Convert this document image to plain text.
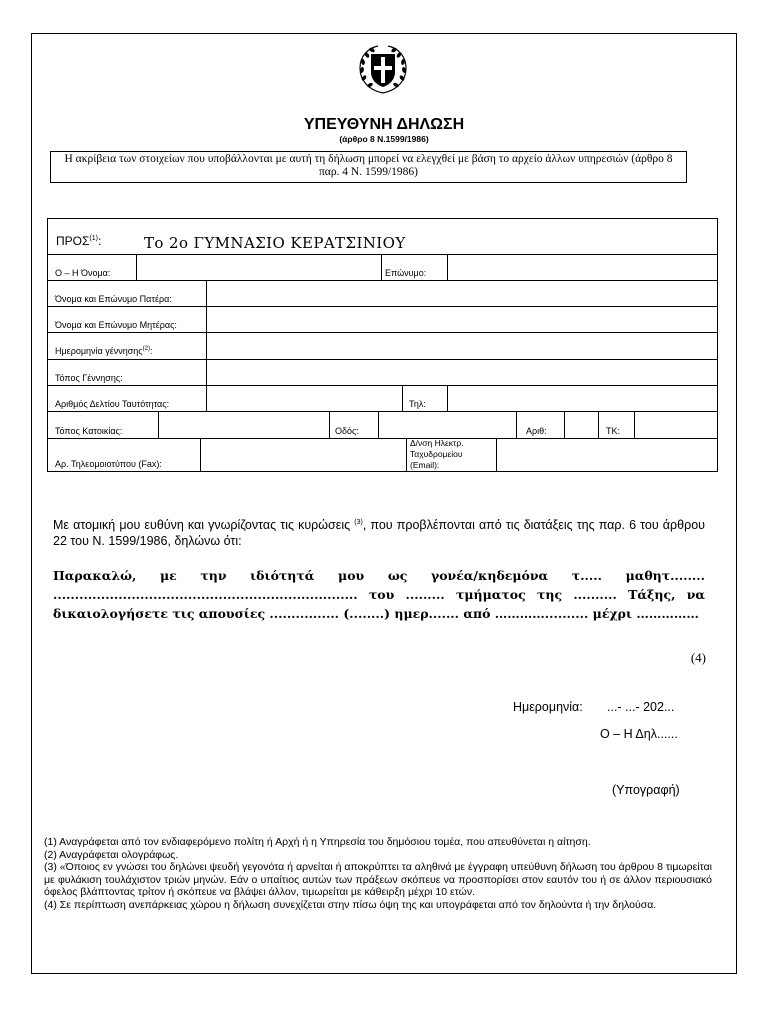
ΥΠΕΥΘΥΝΗ ΔΗΛΩΣΗ
(άρθρο 8 Ν.1599/1986)
Η ακρίβεια των στοιχείων που υποβάλλονται με αυτή τη δήλωση μπορεί να ελεγχθεί με βάση το αρχείο άλλων υπηρεσιών (άρθρο 8 παρ. 4 Ν. 1599/1986)
ΠΡΟΣ$^{(1)}$:	Το 2ο ΓΥΜΝΑΣΙΟ ΚΕΡΑΤΣΙΝΙΟΥ
Ο – Η Όνομα:	Επώνυμο:
Όνομα και Επώνυμο Πατέρα:
Όνομα και Επώνυμο Μητέρας:
Ημερομηνία γέννησης$^{(2)}$:
Τόπος Γέννησης:
Αριθμός Δελτίου Ταυτότητας:	Τηλ:
Τόπος Κατοικίας:	Οδός:	Αριθ:	ΤΚ:
Αρ. Τηλεομοιοτύπου (Fax):
Δ/νση Ηλεκτρ. Ταχυδρομείου (Email):
Με ατομική μου ευθύνη και γνωρίζοντας τις κυρώσεις $^{(3)}$, που προβλέπονται από τις διατάξεις της παρ. 6 του άρθρου 22 του Ν. 1599/1986, δηλώνω ότι:
Παρακαλώ, με την ιδιότητά μου ως γονέα/κηδεμόνα τ..... μαθητ........ ...................................................................... του ......... τμήματος της .......... Τάξης, να δικαιολογήσετε τις απουσίες ................ (........) ημερ....... από ………….......... μέχρι ……………
(4)
Ημερομηνία: ...- ...- 202...
Ο – Η Δηλ......
(Υπογραφή)
(1) Αναγράφεται από τον ενδιαφερόμενο πολίτη ή Αρχή ή η Υπηρεσία του δημόσιου τομέα, που απευθύνεται η αίτηση.
(2) Αναγράφεται ολογράφως.
(3) «Όποιος εν γνώσει του δηλώνει ψευδή γεγονότα ή αρνείται ή αποκρύπτει τα αληθινά με έγγραφη υπεύθυνη δήλωση του άρθρου 8 τιμωρείται με φυλάκιση τουλάχιστον τριών μηνών. Εάν ο υπαίτιος αυτών των πράξεων σκόπευε να προσπορίσει στον εαυτόν του ή σε άλλον περιουσιακό όφελος βλάπτοντας τρίτον ή σκόπευε να βλάψει άλλον, τιμωρείται με κάθειρξη μέχρι 10 ετών.
(4) Σε περίπτωση ανεπάρκειας χώρου η δήλωση συνεχίζεται στην πίσω όψη της και υπογράφεται από τον δηλούντα ή την δηλούσα.
